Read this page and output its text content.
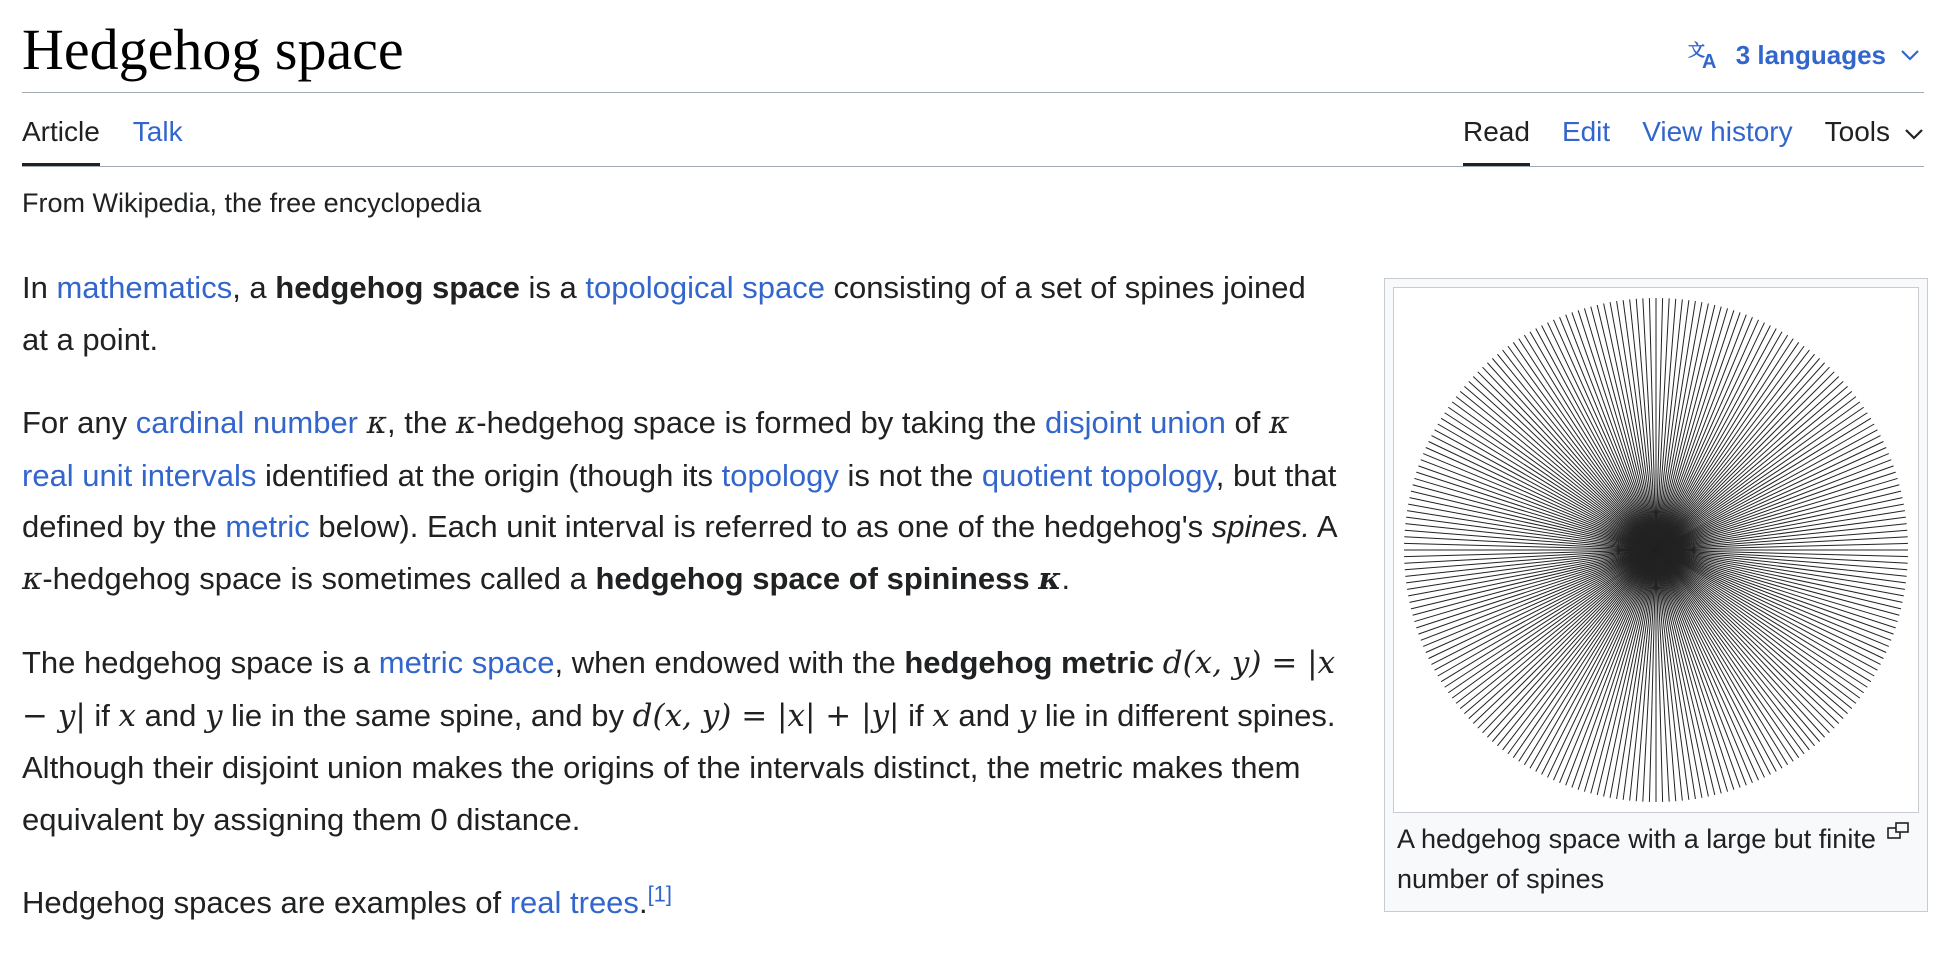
Hedgehog space	文
A 3 languages
Article Talk	Read Edit View history Tools
From Wikipedia, the free encyclopedia

In mathematics, a hedgehog space is a topological space consisting of a set of spines joined at a point.

For any cardinal number κ, the κ-hedgehog space is formed by taking the disjoint union of κ real unit intervals identified at the origin (though its topology is not the quotient topology, but that defined by the metric below). Each unit interval is referred to as one of the hedgehog's spines. A κ-hedgehog space is sometimes called a hedgehog space of spininess κ.

The hedgehog space is a metric space, when endowed with the hedgehog metric d(x, y) = |x − y| if x and y lie in the same spine, and by d(x, y) = |x| + |y| if x and y lie in different spines. Although their disjoint union makes the origins of the intervals distinct, the metric makes them equivalent by assigning them 0 distance.

Hedgehog spaces are examples of real trees.[1]

A hedgehog space with a large but finite number of spines
